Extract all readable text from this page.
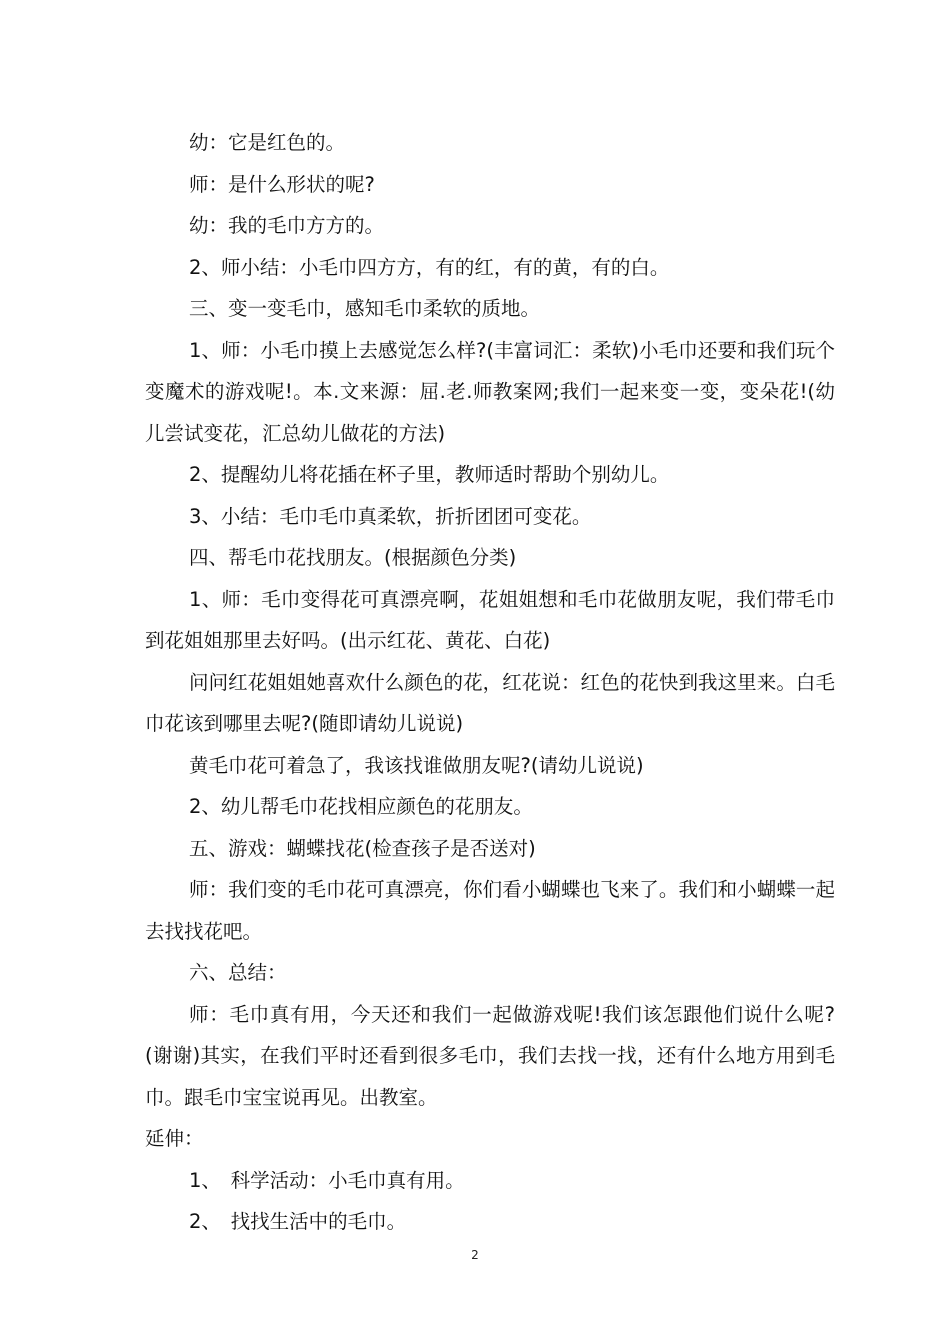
幼：它是红色的。

师：是什么形状的呢?

幼：我的毛巾方方的。

2、师小结：小毛巾四方方，有的红，有的黄，有的白。

三、变一变毛巾，感知毛巾柔软的质地。

1、师：小毛巾摸上去感觉怎么样?(丰富词汇：柔软)小毛巾还要和我们玩个变魔术的游戏呢!。本.文来源：屈.老.师教案网;我们一起来变一变，变朵花!(幼儿尝试变花，汇总幼儿做花的方法)

2、提醒幼儿将花插在杯子里，教师适时帮助个别幼儿。

3、小结：毛巾毛巾真柔软，折折团团可变花。

四、帮毛巾花找朋友。(根据颜色分类)

1、师：毛巾变得花可真漂亮啊，花姐姐想和毛巾花做朋友呢，我们带毛巾到花姐姐那里去好吗。(出示红花、黄花、白花)

问问红花姐姐她喜欢什么颜色的花，红花说：红色的花快到我这里来。白毛巾花该到哪里去呢?(随即请幼儿说说)

黄毛巾花可着急了，我该找谁做朋友呢?(请幼儿说说)

2、幼儿帮毛巾花找相应颜色的花朋友。

五、游戏：蝴蝶找花(检查孩子是否送对)

师：我们变的毛巾花可真漂亮，你们看小蝴蝶也飞来了。我们和小蝴蝶一起去找找花吧。

六、总结：

师：毛巾真有用，今天还和我们一起做游戏呢!我们该怎跟他们说什么呢?(谢谢)其实，在我们平时还看到很多毛巾，我们去找一找，还有什么地方用到毛巾。跟毛巾宝宝说再见。出教室。

延伸：

1、　科学活动：小毛巾真有用。

2、　找找生活中的毛巾。

2
